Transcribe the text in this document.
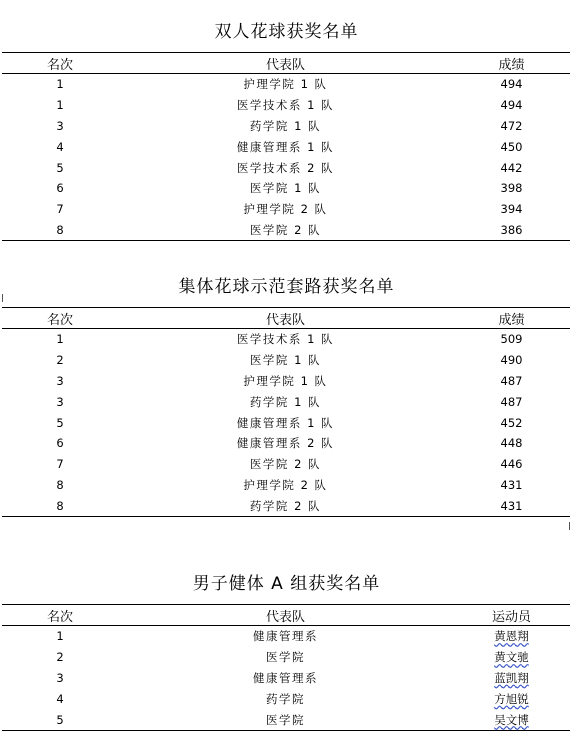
双人花球获奖名单
名次	代表队	成绩
1	护理学院 1 队	494
1	医学技术系 1 队	494
3	药学院 1 队	472
4	健康管理系 1 队	450
5	医学技术系 2 队	442
6	医学院 1 队	398
7	护理学院 2 队	394
8	医学院 2 队	386
集体花球示范套路获奖名单
名次	代表队	成绩
1	医学技术系 1 队	509
2	医学院 1 队	490
3	护理学院 1 队	487
3	药学院 1 队	487
5	健康管理系 1 队	452
6	健康管理系 2 队	448
7	医学院 2 队	446
8	护理学院 2 队	431
8	药学院 2 队	431
男子健体 A 组获奖名单
名次	代表队	运动员
1	健康管理系	黄恩翔
2	医学院	黄文驰
3	健康管理系	蓝凯翔
4	药学院	方旭锐
5	医学院	吴文博
